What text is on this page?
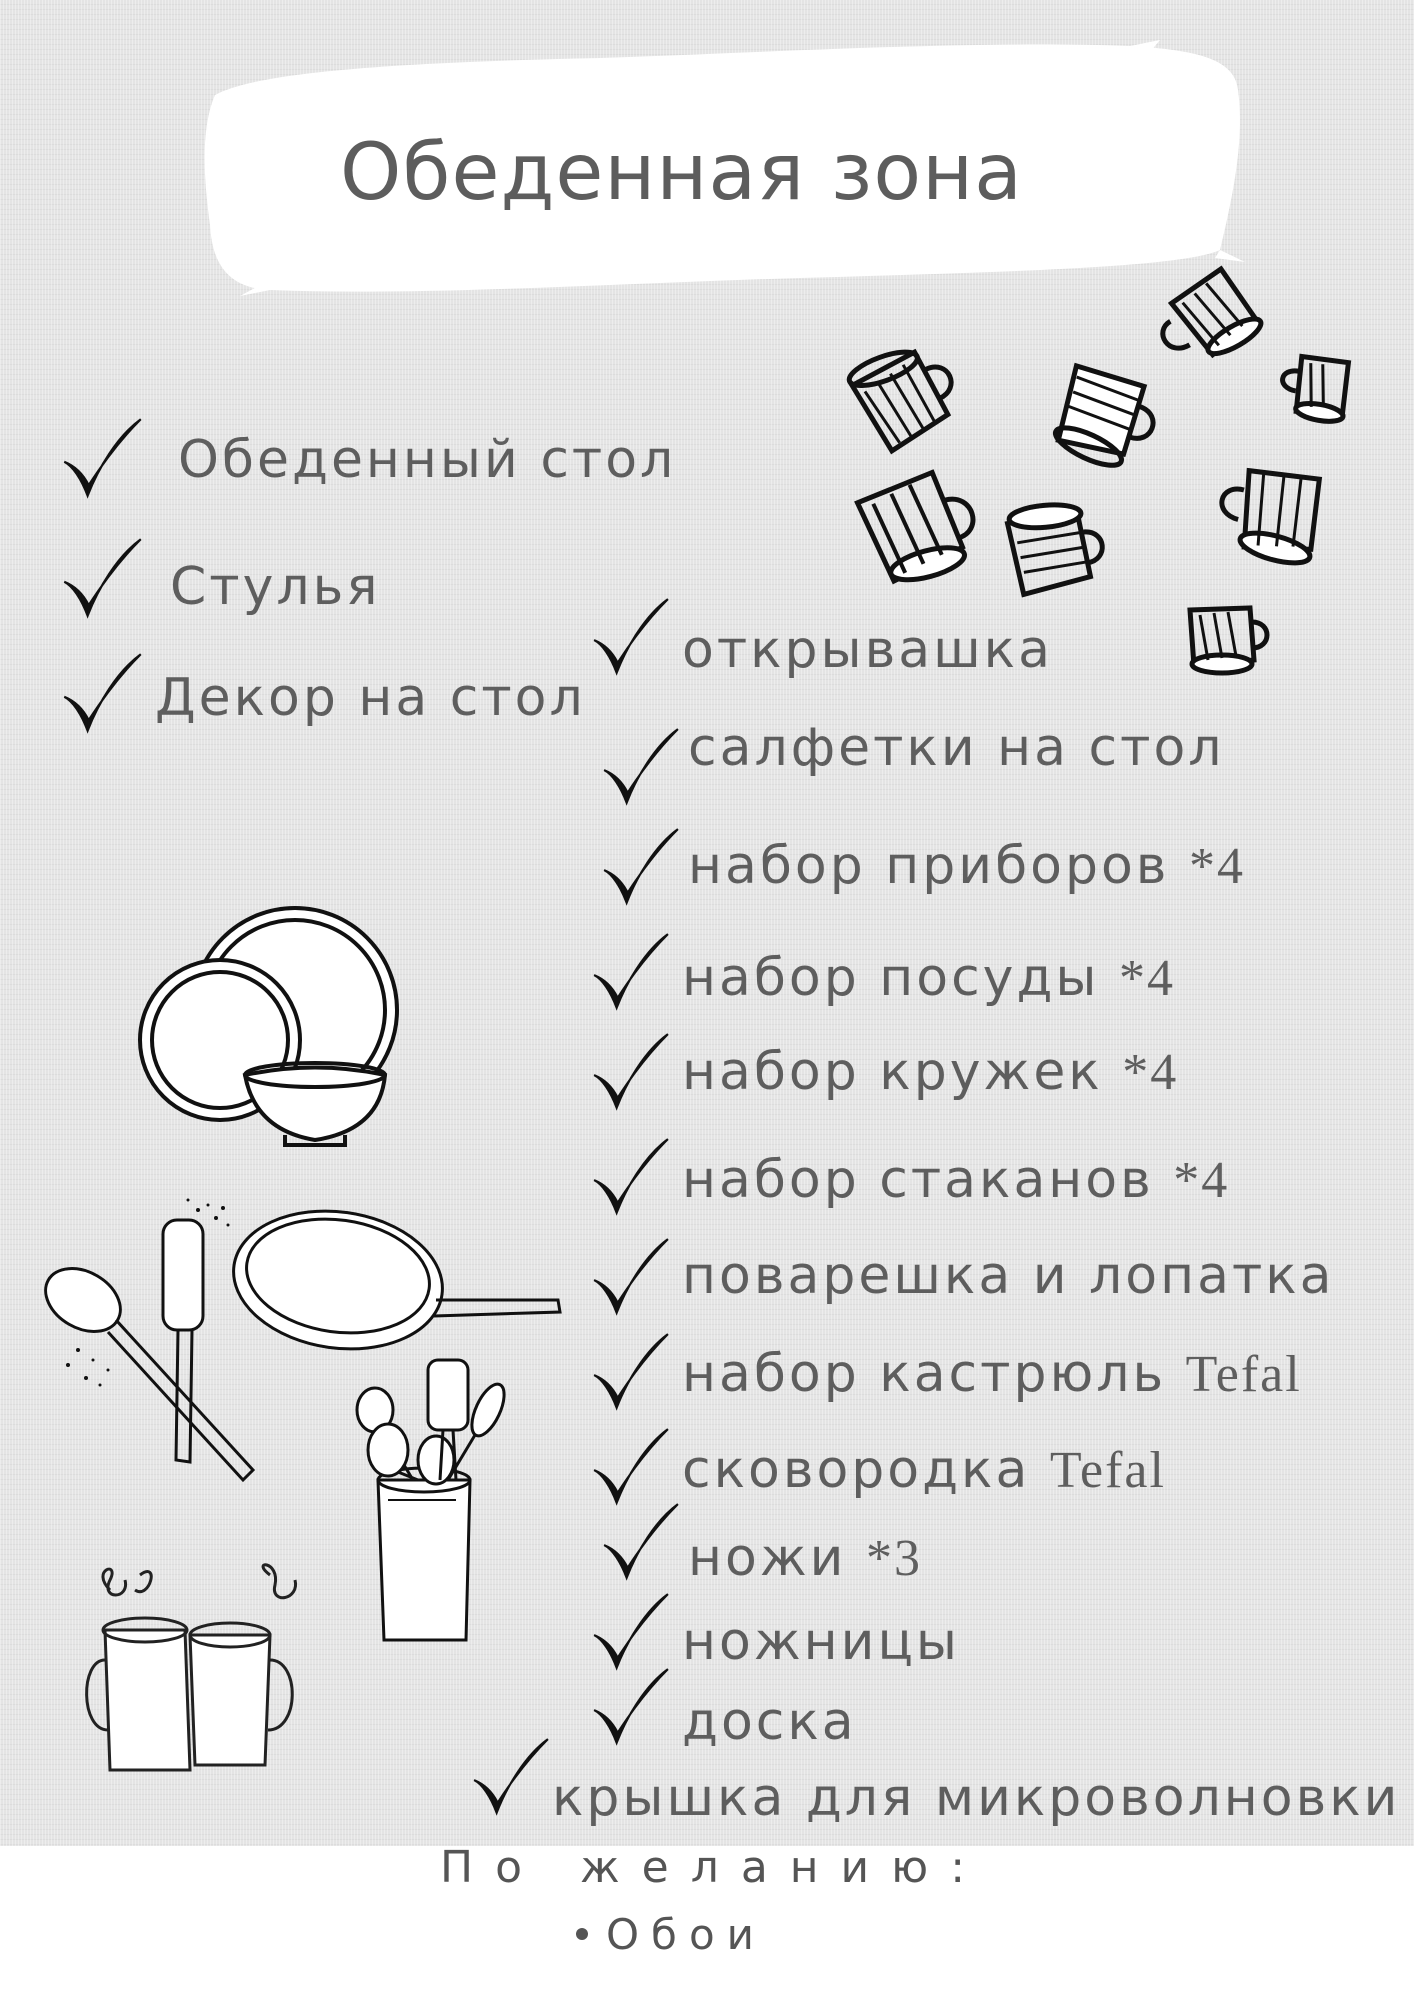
Обеденная зона
Обеденный стол
Стулья
Декор на стол
открывашка
салфетки на стол
набор приборов *4
набор посуды *4
набор кружек *4
набор стаканов *4
поварешка и лопатка
набор кастрюль Tefal
сковородка Tefal
ножи *3
ножницы
доска
крышка для микроволновки
По желанию:
Обои
